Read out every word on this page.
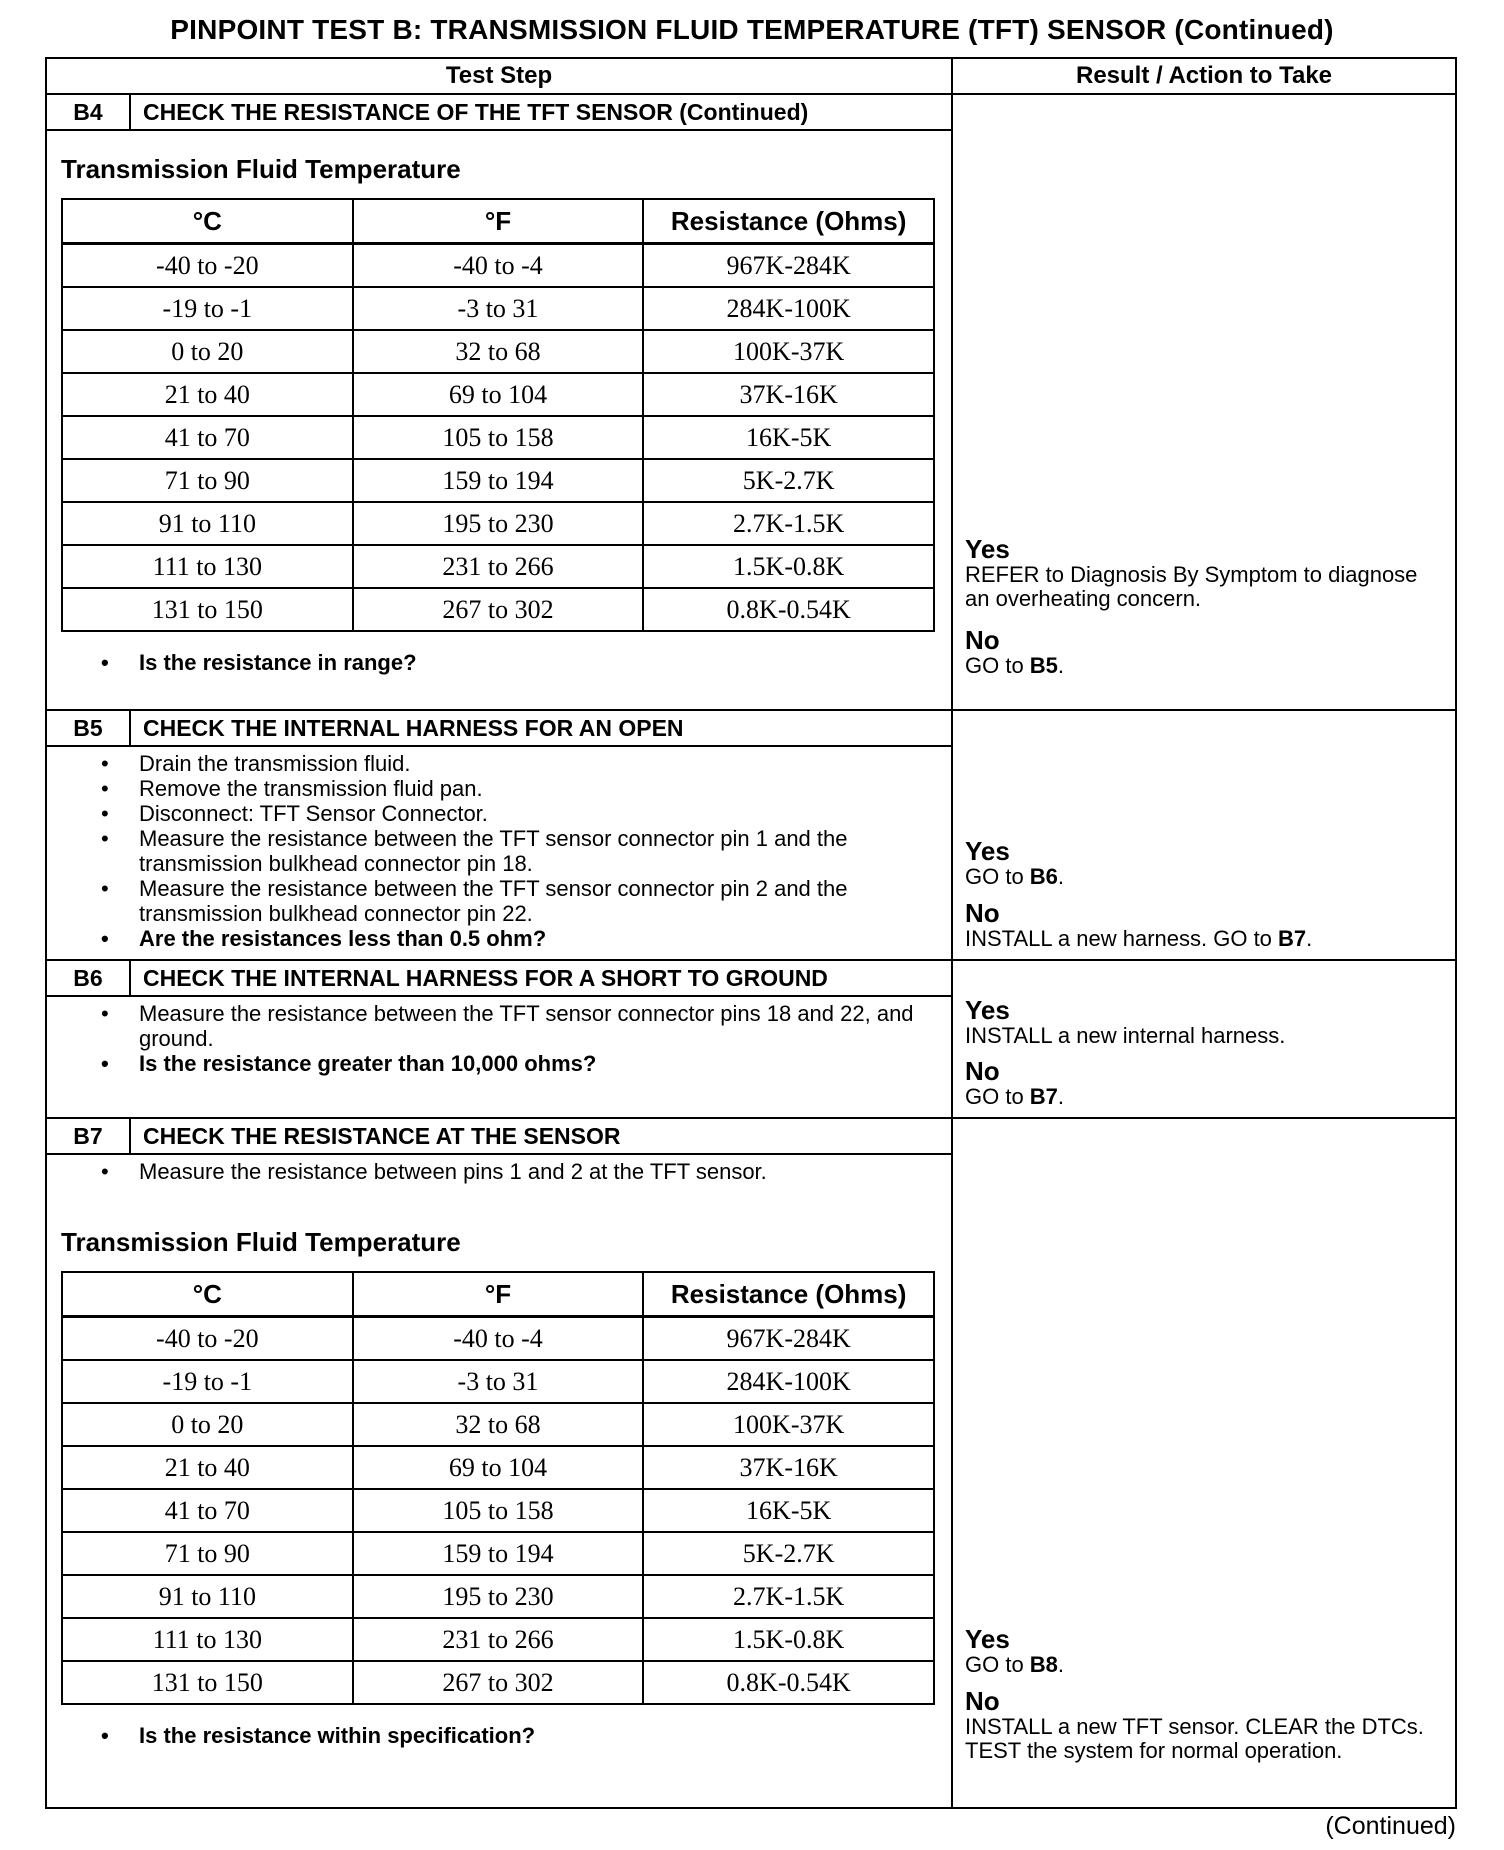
PINPOINT TEST B: TRANSMISSION FLUID TEMPERATURE (TFT) SENSOR (Continued)
Test Step	Result / Action to Take

B4	CHECK THE RESISTANCE OF THE TFT SENSOR (Continued)
Transmission Fluid Temperature
°C	°F	Resistance (Ohms)
-40 to -20	-40 to -4	967K-284K
-19 to -1	-3 to 31	284K-100K
0 to 20	32 to 68	100K-37K
21 to 40	69 to 104	37K-16K
41 to 70	105 to 158	16K-5K
71 to 90	159 to 194	5K-2.7K
91 to 110	195 to 230	2.7K-1.5K
111 to 130	231 to 266	1.5K-0.8K
131 to 150	267 to 302	0.8K-0.54K
• Is the resistance in range?

Yes
REFER to Diagnosis By Symptom to diagnose an overheating concern.
No
GO to B5.

B5	CHECK THE INTERNAL HARNESS FOR AN OPEN
• Drain the transmission fluid.
• Remove the transmission fluid pan.
• Disconnect: TFT Sensor Connector.
• Measure the resistance between the TFT sensor connector pin 1 and the transmission bulkhead connector pin 18.
• Measure the resistance between the TFT sensor connector pin 2 and the transmission bulkhead connector pin 22.
• Are the resistances less than 0.5 ohm?

Yes
GO to B6.
No
INSTALL a new harness. GO to B7.

B6	CHECK THE INTERNAL HARNESS FOR A SHORT TO GROUND
• Measure the resistance between the TFT sensor connector pins 18 and 22, and ground.
• Is the resistance greater than 10,000 ohms?

Yes
INSTALL a new internal harness.
No
GO to B7.

B7	CHECK THE RESISTANCE AT THE SENSOR
• Measure the resistance between pins 1 and 2 at the TFT sensor.
Transmission Fluid Temperature
°C	°F	Resistance (Ohms)
-40 to -20	-40 to -4	967K-284K
-19 to -1	-3 to 31	284K-100K
0 to 20	32 to 68	100K-37K
21 to 40	69 to 104	37K-16K
41 to 70	105 to 158	16K-5K
71 to 90	159 to 194	5K-2.7K
91 to 110	195 to 230	2.7K-1.5K
111 to 130	231 to 266	1.5K-0.8K
131 to 150	267 to 302	0.8K-0.54K
• Is the resistance within specification?

Yes
GO to B8.
No
INSTALL a new TFT sensor. CLEAR the DTCs. TEST the system for normal operation.
(Continued)
